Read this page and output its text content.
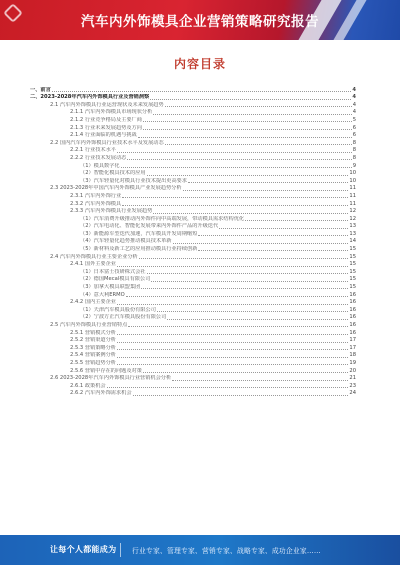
汽车内外饰模具企业营销策略研究报告
内容目录
一、前言	4
二、2023-2028年汽车内外饰模具行业及营销洞察	4
2.1 汽车内外饰模具行业运营现状及未来发展趋势	4
2.1.1 汽车内外饰模具市场现状分析	4
2.1.2 行业竞争格局及主要厂商	5
2.1.3 行业未来发展趋势及方向	6
2.1.4 行业面临的机遇与挑战	6
2.2 国内汽车内外饰模具行业技术水平及发展动态	8
2.2.1 行业技术水平	8
2.2.2 行业技术发展动态	8
（1）模具数字化	9
（2）智能化模具技术的应用	10
（3）汽车轻量化对模具行业技术提出更高要求	10
2.3 2023-2028年中国汽车内外饰模具产业发展趋势分析	11
2.3.1 汽车内外饰行业	11
2.3.2 汽车内外饰模具	11
2.3.3 汽车内外饰模具行业发展趋势	12
（1）汽车消费升级推动内外饰件向中高端发展，带动模具需求结构优化	12
（2）汽车电动化、智能化发展带来内外饰件产品的升级迭代	13
（3）新能源车型迭代加速，汽车模具开发周期缩短	13
（4）汽车轻量化趋势推动模具技术革新	14
（5）新材料及新工艺的应用推动模具行业持续创新	15
2.4 汽车内外饰模具行业主要企业分析	15
2.4.1 国外主要企业	15
（1）日本富士技研株式会社	15
（2）德国Mecal模具有限公司	15
（3）加拿大模具联盟集团	15
（4）意大利ERMO	16
2.4.2 国内主要企业	16
（1）天津汽车模具股份有限公司	16
（2）宁波方正汽车模具股份有限公司	16
2.5 汽车内外饰模具行业营销特点	16
2.5.1 营销模式分析	16
2.5.2 营销渠道分析	17
2.5.3 营销策略分析	17
2.5.4 营销案例分析	18
2.5.5 营销趋势分析	19
2.5.6 营销中存在的问题及对策	20
2.6 2023-2028年汽车内外饰模具行业营销机会分析	21
2.6.1 政策机会	23
2.6.2 汽车内外饰需求机会	24
让每个人都能成为 行业专家、管理专家、营销专家、战略专家、成功企业家……
